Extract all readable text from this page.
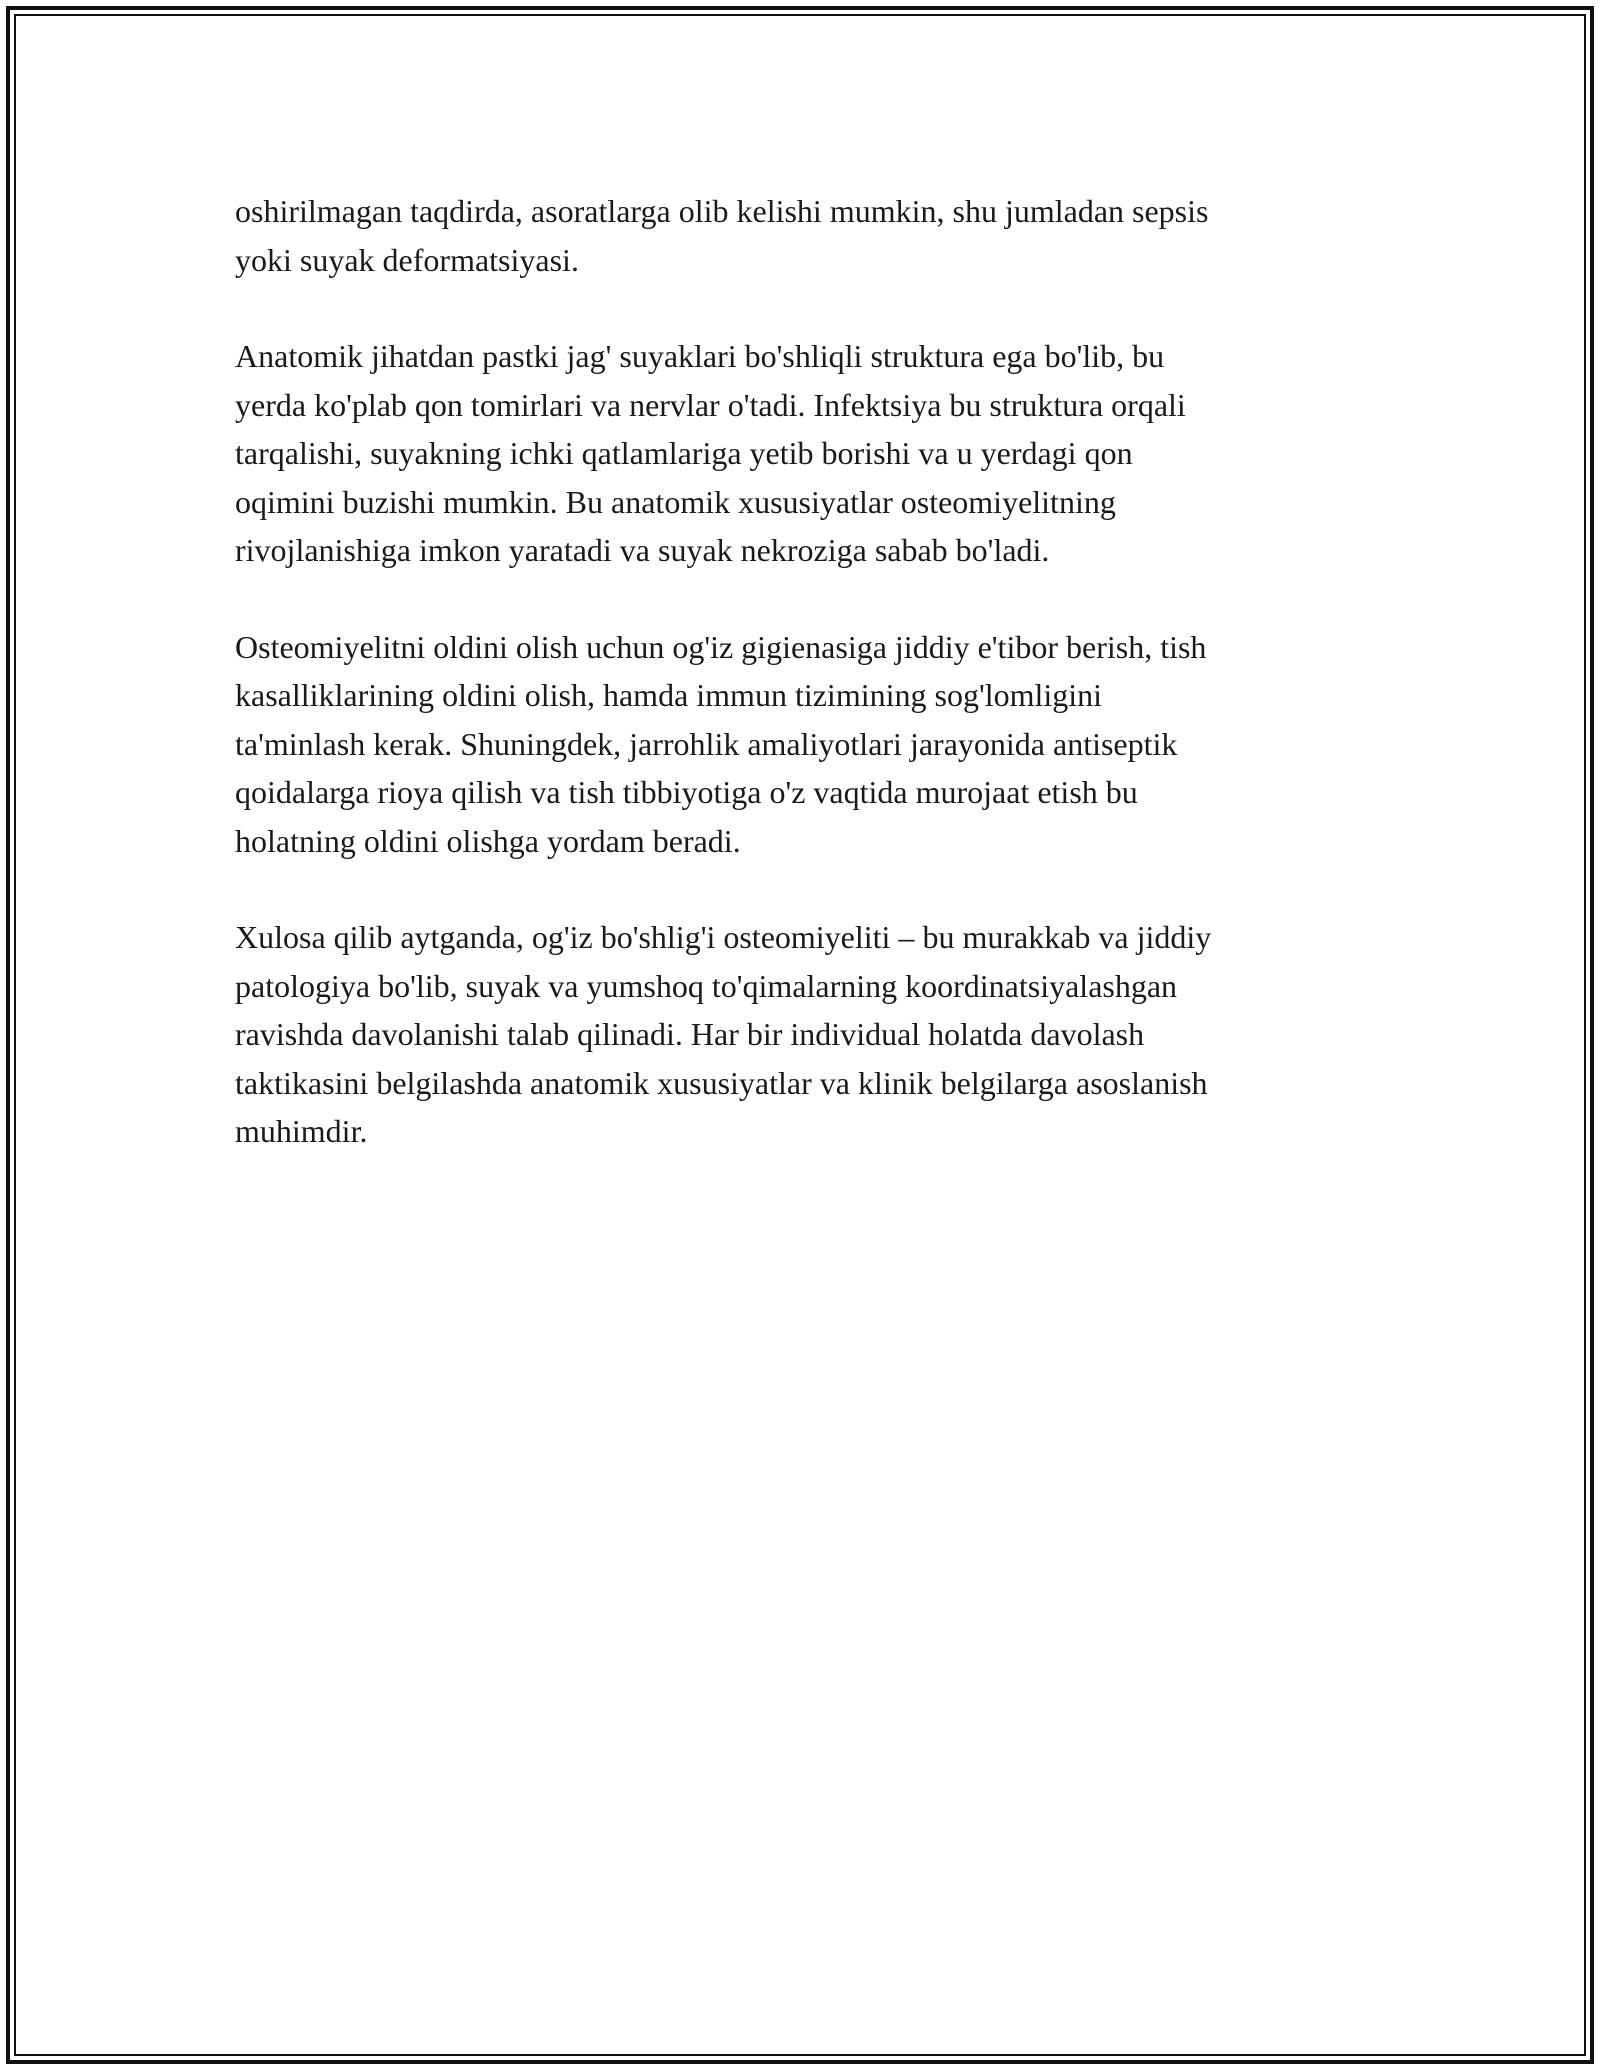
oshirilmagan taqdirda, asoratlarga olib kelishi mumkin, shu jumladan sepsis
yoki suyak deformatsiyasi.

Anatomik jihatdan pastki jag' suyaklari bo'shliqli struktura ega bo'lib, bu
yerda ko'plab qon tomirlari va nervlar o'tadi. Infektsiya bu struktura orqali
tarqalishi, suyakning ichki qatlamlariga yetib borishi va u yerdagi qon
oqimini buzishi mumkin. Bu anatomik xususiyatlar osteomiyelitning
rivojlanishiga imkon yaratadi va suyak nekroziga sabab bo'ladi.

Osteomiyelitni oldini olish uchun og'iz gigienasiga jiddiy e'tibor berish, tish
kasalliklarining oldini olish, hamda immun tizimining sog'lomligini
ta'minlash kerak. Shuningdek, jarrohlik amaliyotlari jarayonida antiseptik
qoidalarga rioya qilish va tish tibbiyotiga o'z vaqtida murojaat etish bu
holatning oldini olishga yordam beradi.

Xulosa qilib aytganda, og'iz bo'shlig'i osteomiyeliti – bu murakkab va jiddiy
patologiya bo'lib, suyak va yumshoq to'qimalarning koordinatsiyalashgan
ravishda davolanishi talab qilinadi. Har bir individual holatda davolash
taktikasini belgilashda anatomik xususiyatlar va klinik belgilarga asoslanish
muhimdir.
